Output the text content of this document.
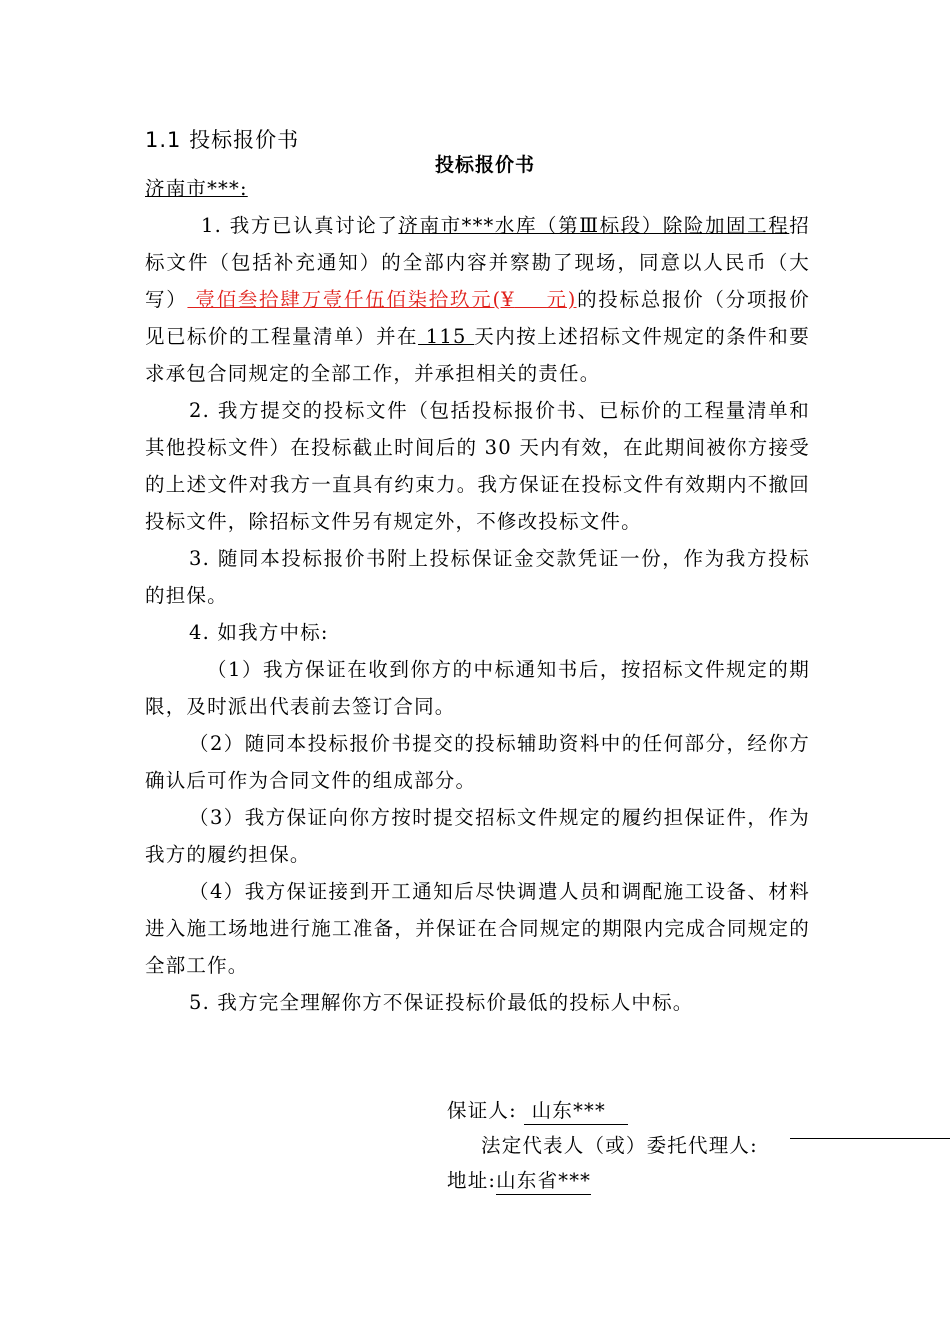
1.1 投标报价书
投标报价书

济南市***:

1. 我方已认真讨论了济南市***水库（第Ⅲ标段）除险加固工程招标文件（包括补充通知）的全部内容并察勘了现场，同意以人民币（大写） 壹佰叁拾肆万壹仟伍佰柒拾玖元(¥ 元)的投标总报价（分项报价见已标价的工程量清单）并在 115 天内按上述招标文件规定的条件和要求承包合同规定的全部工作，并承担相关的责任。

2. 我方提交的投标文件（包括投标报价书、已标价的工程量清单和其他投标文件）在投标截止时间后的 30 天内有效，在此期间被你方接受的上述文件对我方一直具有约束力。我方保证在投标文件有效期内不撤回投标文件，除招标文件另有规定外，不修改投标文件。

3. 随同本投标报价书附上投标保证金交款凭证一份，作为我方投标的担保。

4. 如我方中标:

（1）我方保证在收到你方的中标通知书后，按招标文件规定的期限，及时派出代表前去签订合同。

（2）随同本投标报价书提交的投标辅助资料中的任何部分，经你方确认后可作为合同文件的组成部分。

（3）我方保证向你方按时提交招标文件规定的履约担保证件，作为我方的履约担保。

（4）我方保证接到开工通知后尽快调遣人员和调配施工设备、材料进入施工场地进行施工准备，并保证在合同规定的期限内完成合同规定的全部工作。

5. 我方完全理解你方不保证投标价最低的投标人中标。

保证人:  山东***
法定代表人（或）委托代理人:
地址:山东省***
